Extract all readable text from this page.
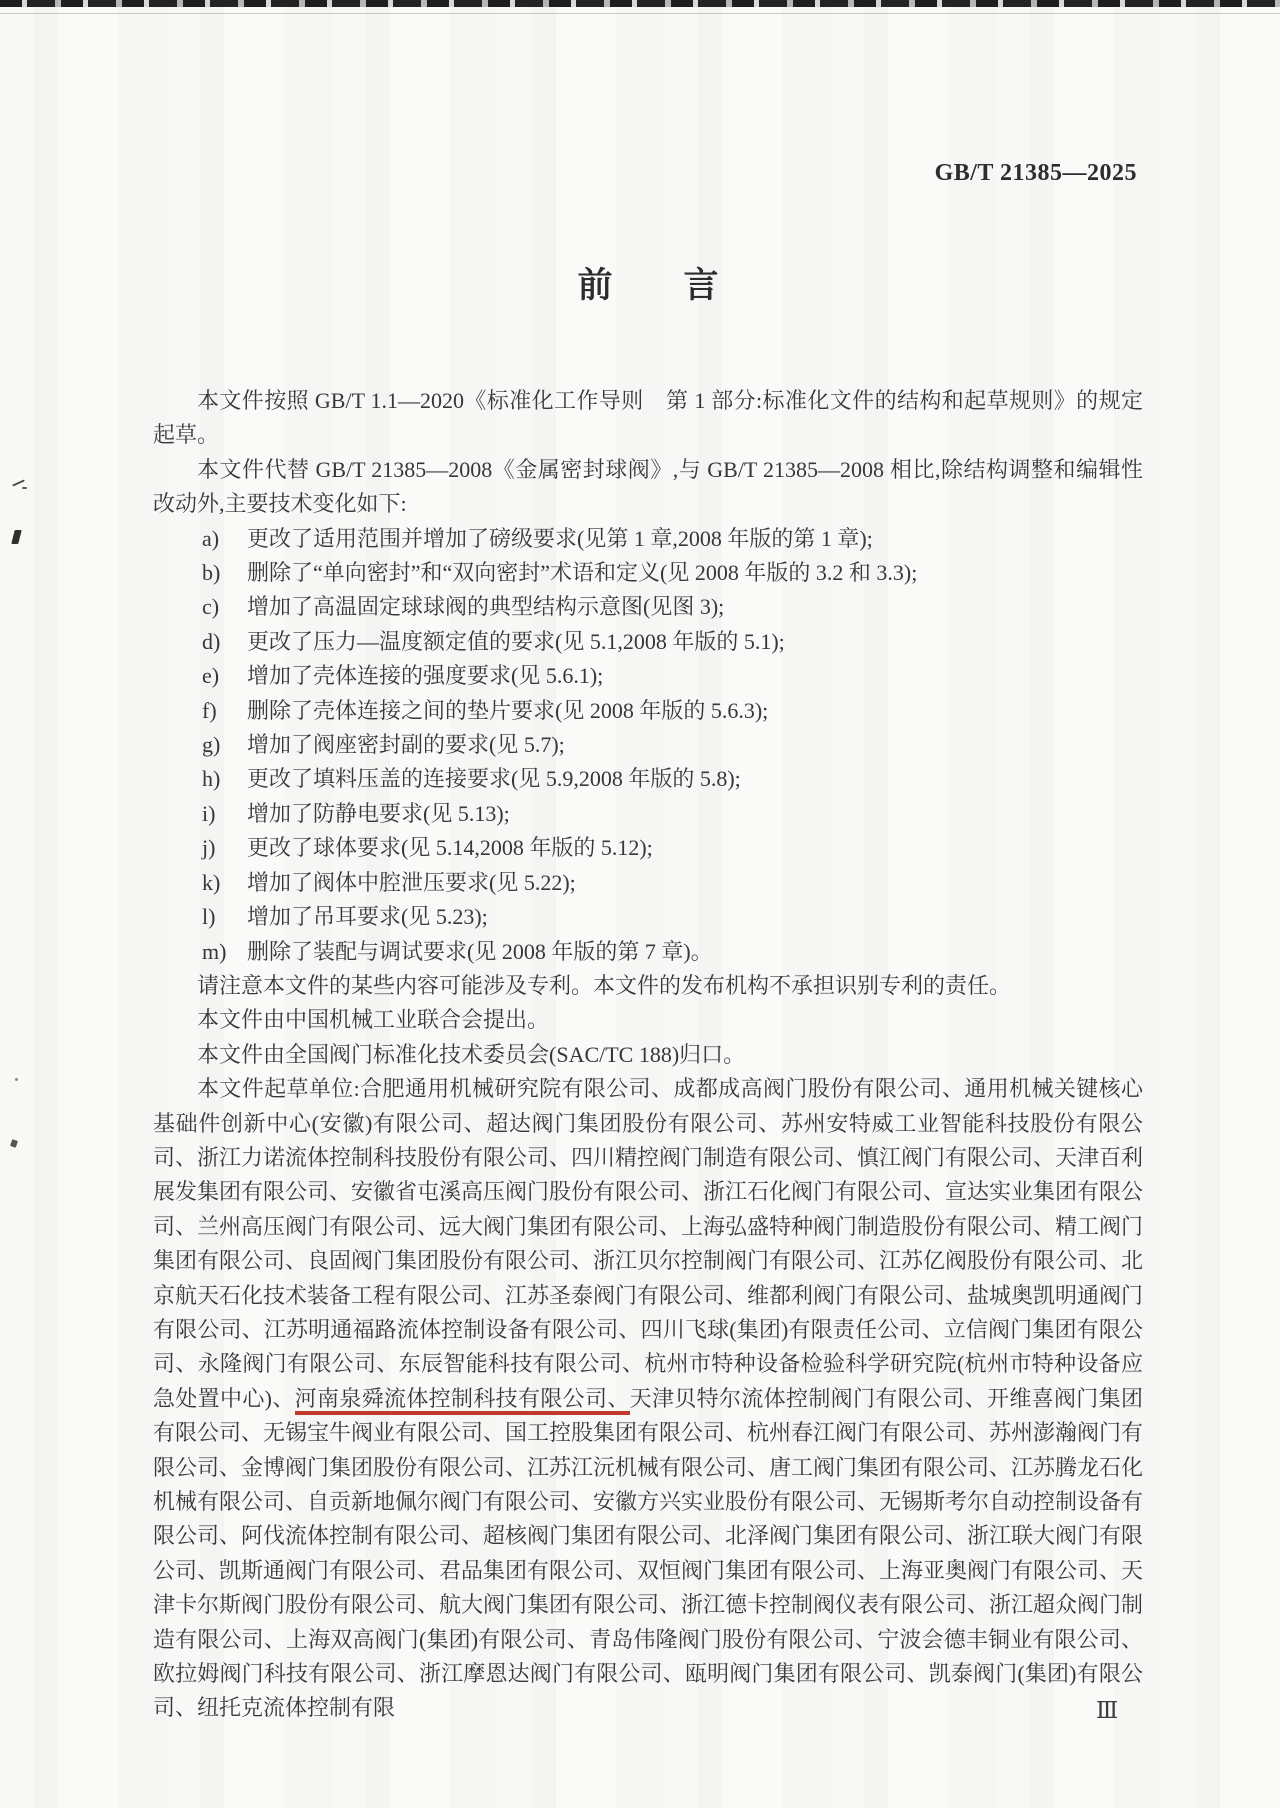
GB/T 21385—2025
前 言

本文件按照 GB/T 1.1—2020《标准化工作导则　第 1 部分:标准化文件的结构和起草规则》的规定起草。

本文件代替 GB/T 21385—2008《金属密封球阀》,与 GB/T 21385—2008 相比,除结构调整和编辑性改动外,主要技术变化如下:

a) 更改了适用范围并增加了磅级要求(见第 1 章,2008 年版的第 1 章);
b) 删除了“单向密封”和“双向密封”术语和定义(见 2008 年版的 3.2 和 3.3);
c) 增加了高温固定球球阀的典型结构示意图(见图 3);
d) 更改了压力—温度额定值的要求(见 5.1,2008 年版的 5.1);
e) 增加了壳体连接的强度要求(见 5.6.1);
f) 删除了壳体连接之间的垫片要求(见 2008 年版的 5.6.3);
g) 增加了阀座密封副的要求(见 5.7);
h) 更改了填料压盖的连接要求(见 5.9,2008 年版的 5.8);
i) 增加了防静电要求(见 5.13);
j) 更改了球体要求(见 5.14,2008 年版的 5.12);
k) 增加了阀体中腔泄压要求(见 5.22);
l) 增加了吊耳要求(见 5.23);
m) 删除了装配与调试要求(见 2008 年版的第 7 章)。

请注意本文件的某些内容可能涉及专利。本文件的发布机构不承担识别专利的责任。

本文件由中国机械工业联合会提出。

本文件由全国阀门标准化技术委员会(SAC/TC 188)归口。

本文件起草单位:合肥通用机械研究院有限公司、成都成高阀门股份有限公司、通用机械关键核心基础件创新中心(安徽)有限公司、超达阀门集团股份有限公司、苏州安特威工业智能科技股份有限公司、浙江力诺流体控制科技股份有限公司、四川精控阀门制造有限公司、慎江阀门有限公司、天津百利展发集团有限公司、安徽省屯溪高压阀门股份有限公司、浙江石化阀门有限公司、宣达实业集团有限公司、兰州高压阀门有限公司、远大阀门集团有限公司、上海弘盛特种阀门制造股份有限公司、精工阀门集团有限公司、良固阀门集团股份有限公司、浙江贝尔控制阀门有限公司、江苏亿阀股份有限公司、北京航天石化技术装备工程有限公司、江苏圣泰阀门有限公司、维都利阀门有限公司、盐城奥凯明通阀门有限公司、江苏明通福路流体控制设备有限公司、四川飞球(集团)有限责任公司、立信阀门集团有限公司、永隆阀门有限公司、东辰智能科技有限公司、杭州市特种设备检验科学研究院(杭州市特种设备应急处置中心)、河南泉舜流体控制科技有限公司、天津贝特尔流体控制阀门有限公司、开维喜阀门集团有限公司、无锡宝牛阀业有限公司、国工控股集团有限公司、杭州春江阀门有限公司、苏州澎瀚阀门有限公司、金博阀门集团股份有限公司、江苏江沅机械有限公司、唐工阀门集团有限公司、江苏腾龙石化机械有限公司、自贡新地佩尔阀门有限公司、安徽方兴实业股份有限公司、无锡斯考尔自动控制设备有限公司、阿伐流体控制有限公司、超核阀门集团有限公司、北泽阀门集团有限公司、浙江联大阀门有限公司、凯斯通阀门有限公司、君品集团有限公司、双恒阀门集团有限公司、上海亚奥阀门有限公司、天津卡尔斯阀门股份有限公司、航大阀门集团有限公司、浙江德卡控制阀仪表有限公司、浙江超众阀门制造有限公司、上海双高阀门(集团)有限公司、青岛伟隆阀门股份有限公司、宁波会德丰铜业有限公司、欧拉姆阀门科技有限公司、浙江摩恩达阀门有限公司、瓯明阀门集团有限公司、凯泰阀门(集团)有限公司、纽托克流体控制有限	Ⅲ
